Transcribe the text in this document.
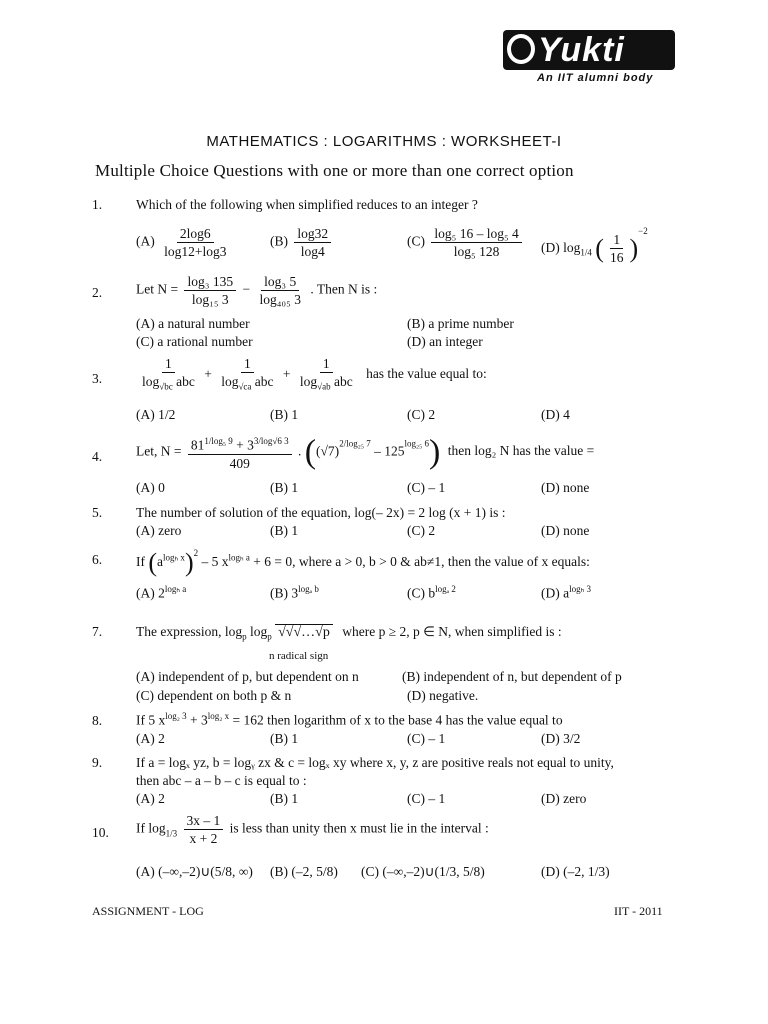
Yukti
An IIT alumni body
MATHEMATICS : LOGARITHMS : WORKSHEET-I
Multiple Choice Questions with one or more than one correct option
1.	Which of the following when simplified reduces to an integer ?
$(A) \frac{2\log 6}{\log 12+\log 3}$	$(B) \frac{\log 32}{\log 4}$	$(C) \frac{\text{log₅ 16 – log₅ 4}}{\text{log₅ 128}} (D)$ $\log_{1/4}$ ( $\frac{1}{16} )^{-2}$
2.	Let $N = \frac{\text{log₃ 135}}{\text{log₁₅ 3}} - \frac{\text{log₃ 5}}{\text{log₄₀₅ 3}}$ . Then N is :
(A) a natural number	(B) a prime number
(C) a rational number	(D) an integer
3.	$\frac{1}{\log_{√bc} abc} + \frac{1}{\log_{√ca} abc} + \frac{1}{\log_{√ab} abc}$ has the value equal to:
(A) 1/2	(B) 1	(C) 2	(D) 4
4.	Let, $N = \frac{81^{1/log_5 9} + 3^{3/log√6 3}}{409}$ . $((√7)^{2/log_{25} 7} - 125^{log_{25} 6})$ then log₂ N has the value =
(A) 0	(B) 1	(C) – 1	(D) none
5.	The number of solution of the equation, log(– 2x) = 2 log (x + 1) is :
(A) zero	(B) 1	(C) 2	(D) none
6.	If $(a^{log_h x})^2 - 5$ $x^{log_h a} + 6 = 0$, where a > 0, b > 0 & ab≠1, then the value of x equals:
(A) $2^{log_h a}$	(B) $3^{log_a b}$	(C) $b^{log_a 2}$	(D) $a^{log_h 3}$
7.	The expression, $\log_p \log_p$ √√√…√p where p ≥ 2, p ∈ N, when simplified is :
n radical sign
(A) independent of p, but dependent on n	(B) independent of n, but dependent of p
(C) dependent on both p & n	(D) negative.
8.	If 5 $x^{log_2 3} + 3^{log_2 x} = 162$ then logarithm of x to the base 4 has the value equal to
(A) 2	(B) 1	(C) – 1	(D) 3/2
9.	If a = logₓ yz, b = logᵧ zx & c = logₓ xy where x, y, z are positive reals not equal to unity,
then abc – a – b – c is equal to :
(A) 2	(B) 1	(C) – 1	(D) zero
10. If $\log_{1/3} \frac{3x - 1}{x + 2}$ is less than unity then x must lie in the interval :
(A) (–∞,–2)∪(5/8, ∞) (B) (–2, 5/8) (C) (–∞,–2)∪(1/3, 5/8)	(D) (–2, 1/3)
ASSIGNMENT - LOG	IIT - 2011
